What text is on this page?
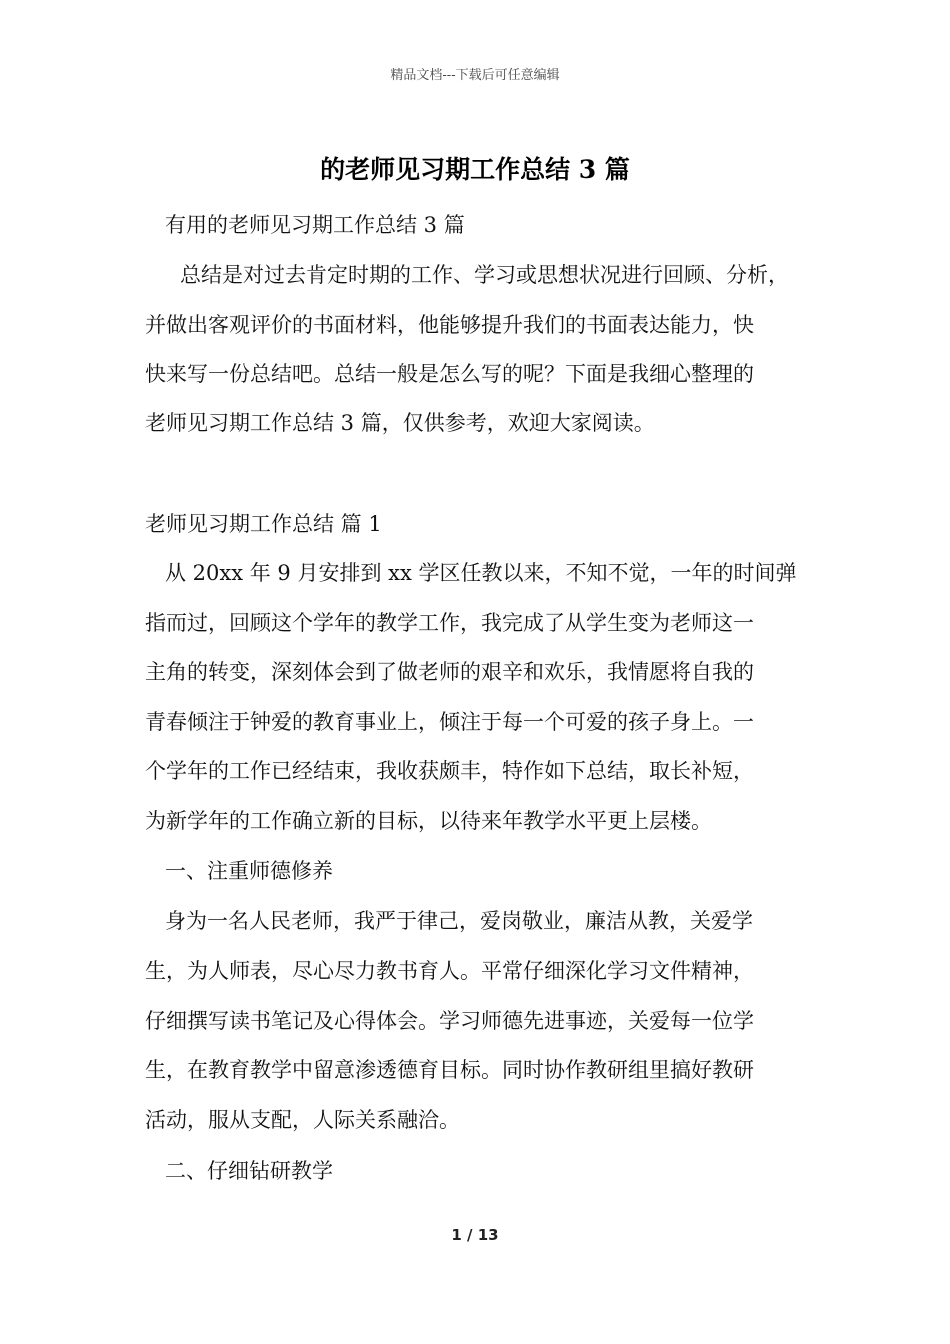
精品文档---下载后可任意编辑
的老师见习期工作总结 3 篇
有用的老师见习期工作总结 3 篇
总结是对过去肯定时期的工作、学习或思想状况进行回顾、分析，
并做出客观评价的书面材料，他能够提升我们的书面表达能力，快
快来写一份总结吧。总结一般是怎么写的呢？下面是我细心整理的
老师见习期工作总结 3 篇，仅供参考，欢迎大家阅读。
老师见习期工作总结 篇 1
从 20xx 年 9 月安排到 xx 学区任教以来，不知不觉，一年的时间弹
指而过，回顾这个学年的教学工作，我完成了从学生变为老师这一
主角的转变，深刻体会到了做老师的艰辛和欢乐，我情愿将自我的
青春倾注于钟爱的教育事业上，倾注于每一个可爱的孩子身上。一
个学年的工作已经结束，我收获颇丰，特作如下总结，取长补短，
为新学年的工作确立新的目标，以待来年教学水平更上层楼。
一、注重师德修养
身为一名人民老师，我严于律己，爱岗敬业，廉洁从教，关爱学
生，为人师表，尽心尽力教书育人。平常仔细深化学习文件精神，
仔细撰写读书笔记及心得体会。学习师德先进事迹，关爱每一位学
生，在教育教学中留意渗透德育目标。同时协作教研组里搞好教研
活动，服从支配，人际关系融洽。
二、仔细钻研教学
1 / 13
